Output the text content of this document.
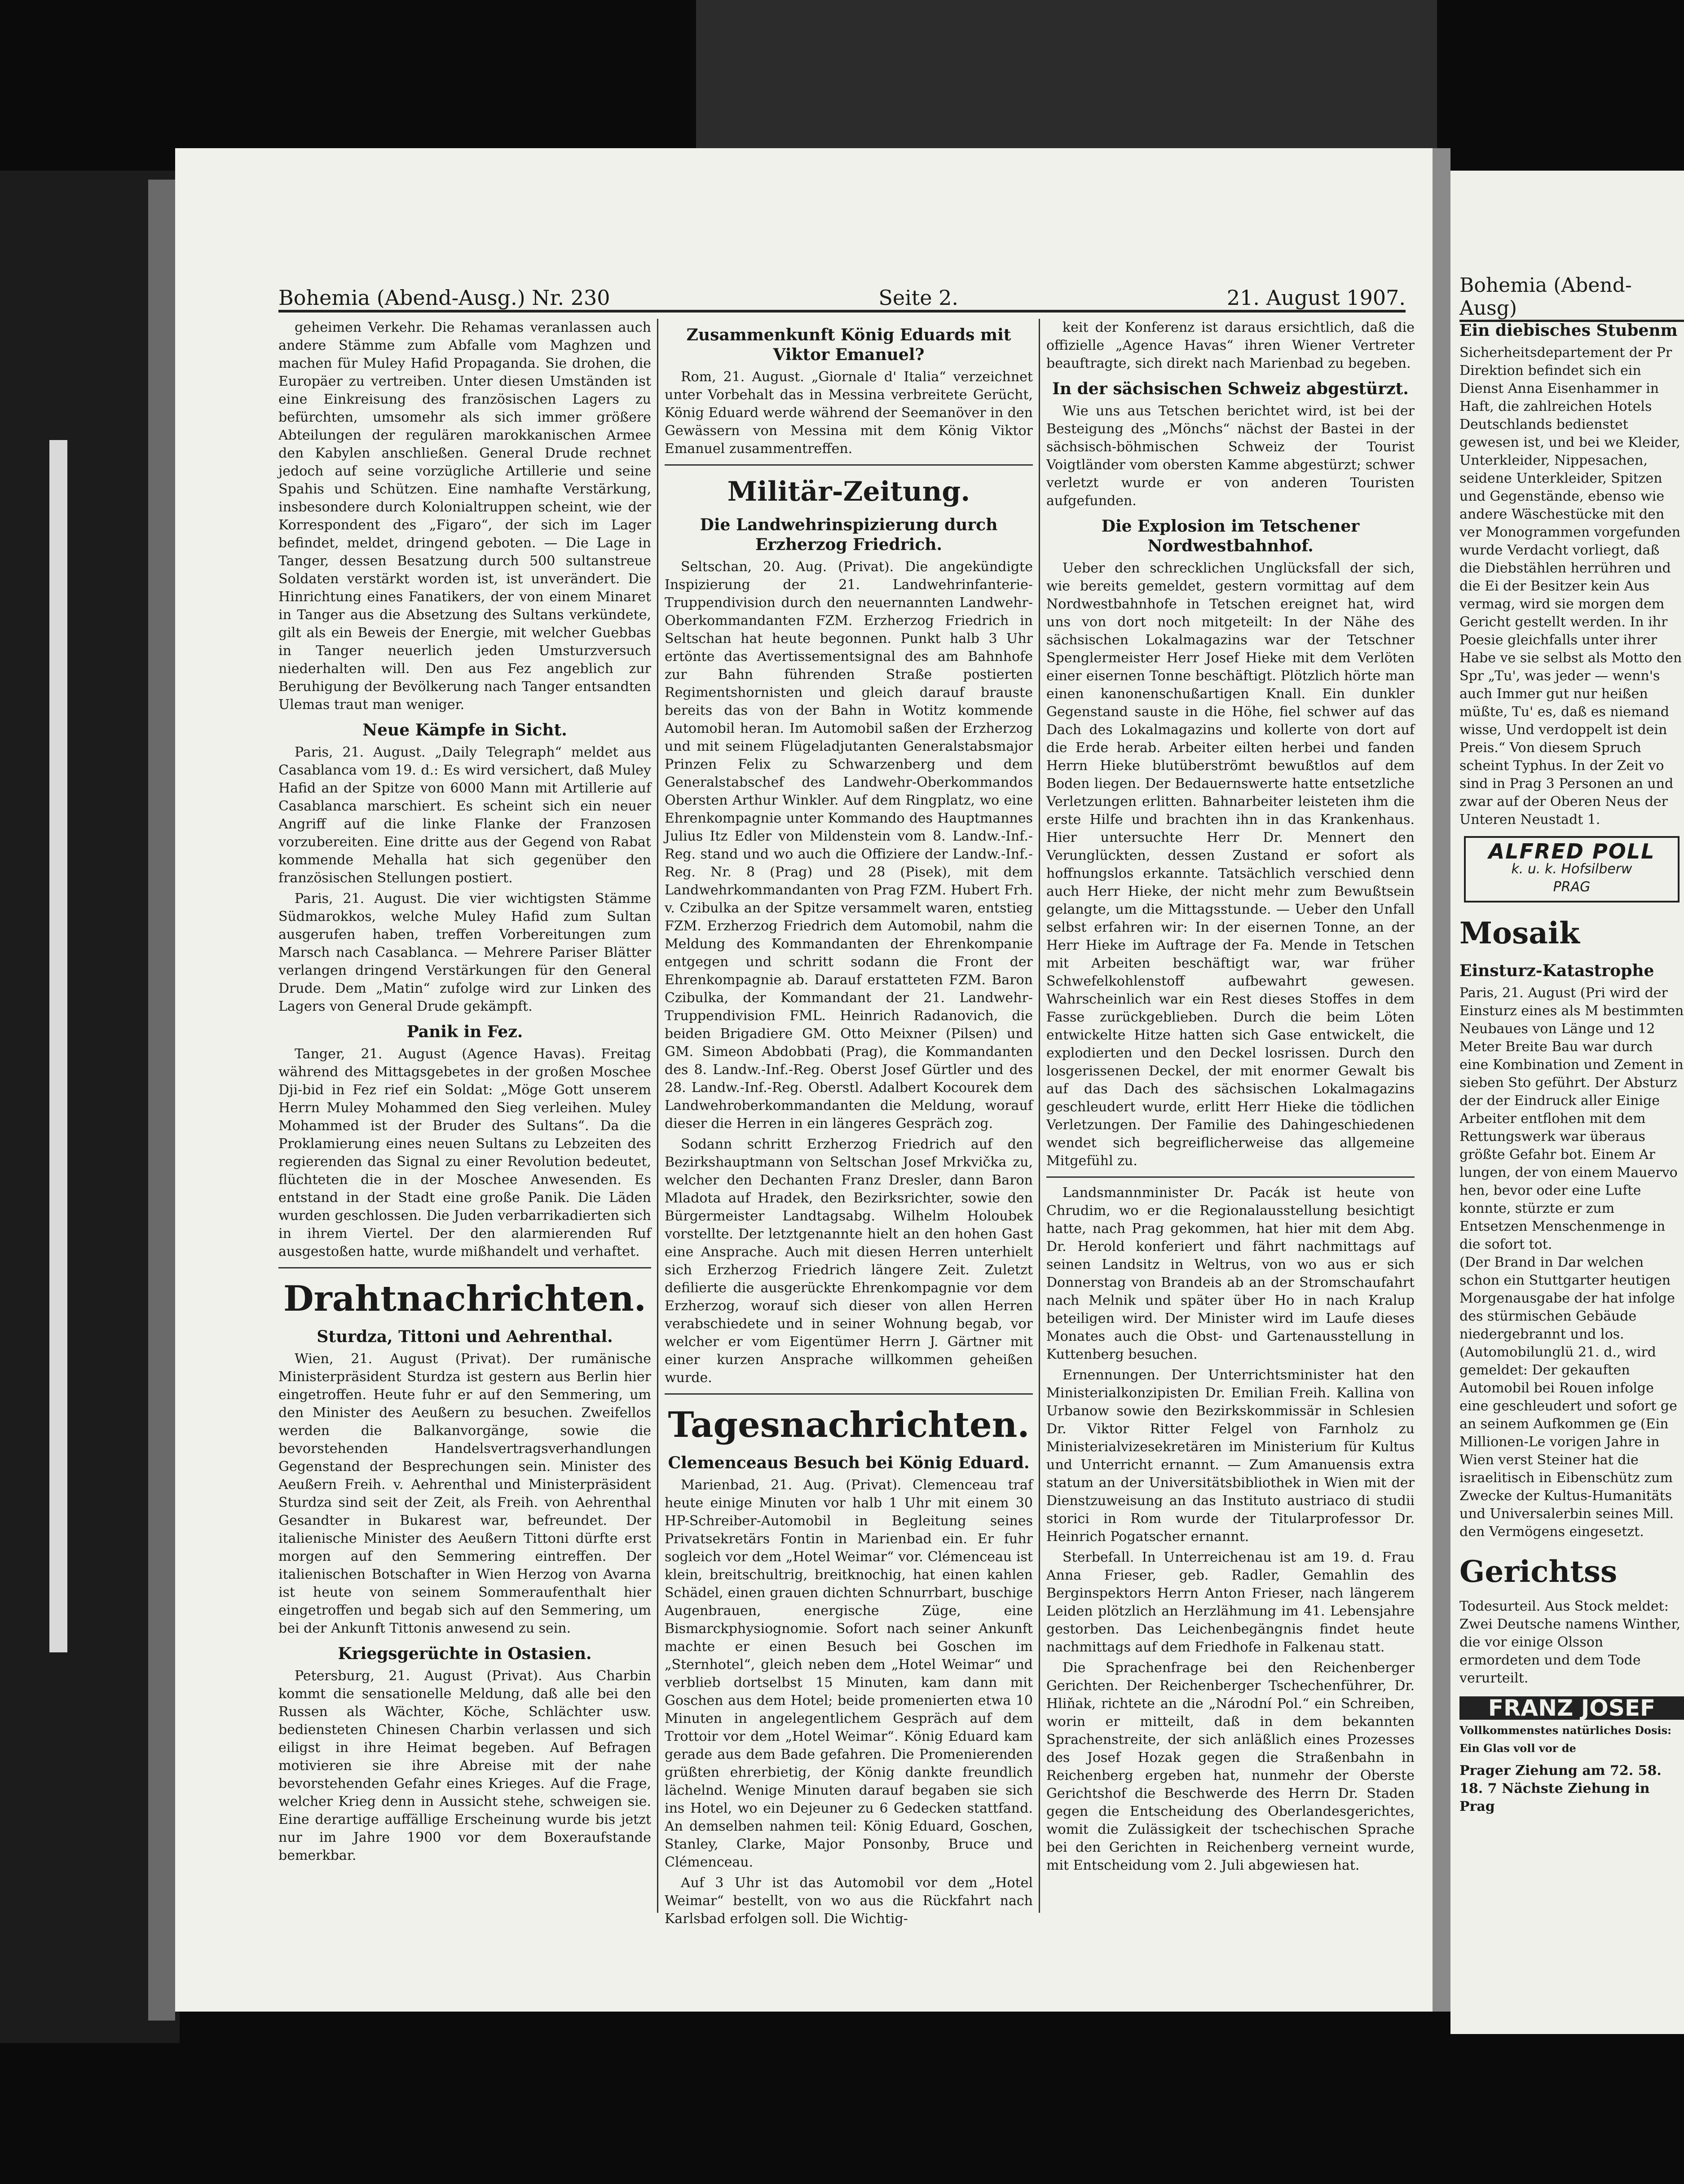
Bohemia (Abend-Ausg.) Nr. 230	Seite 2.	21. August 1907.

geheimen Verkehr. Die Rehamas veranlassen auch andere Stämme zum Abfalle vom Maghzen und machen für Muley Hafid Propaganda. Sie drohen, die Europäer zu vertreiben. Unter diesen Umständen ist eine Einkreisung des französischen Lagers zu befürchten, umsomehr als sich immer größere Abteilungen der regulären marokkanischen Armee den Kabylen anschließen. General Drude rechnet jedoch auf seine vorzügliche Artillerie und seine Spahis und Schützen. Eine namhafte Verstärkung, insbesondere durch Kolonialtruppen scheint, wie der Korrespondent des „Figaro“, der sich im Lager befindet, meldet, dringend geboten. — Die Lage in Tanger, dessen Besatzung durch 500 sultanstreue Soldaten verstärkt worden ist, ist unverändert. Die Hinrichtung eines Fanatikers, der von einem Minaret in Tanger aus die Absetzung des Sultans verkündete, gilt als ein Beweis der Energie, mit welcher Guebbas in Tanger neuerlich jeden Umsturzversuch niederhalten will. Den aus Fez angeblich zur Beruhigung der Bevölkerung nach Tanger entsandten Ulemas traut man weniger.

Neue Kämpfe in Sicht.

Paris, 21. August. „Daily Telegraph“ meldet aus Casablanca vom 19. d.: Es wird versichert, daß Muley Hafid an der Spitze von 6000 Mann mit Artillerie auf Casablanca marschiert. Es scheint sich ein neuer Angriff auf die linke Flanke der Franzosen vorzubereiten. Eine dritte aus der Gegend von Rabat kommende Mehalla hat sich gegenüber den französischen Stellungen postiert.

Paris, 21. August. Die vier wichtigsten Stämme Südmarokkos, welche Muley Hafid zum Sultan ausgerufen haben, treffen Vorbereitungen zum Marsch nach Casablanca. — Mehrere Pariser Blätter verlangen dringend Verstärkungen für den General Drude. Dem „Matin“ zufolge wird zur Linken des Lagers von General Drude gekämpft.

Panik in Fez.

Tanger, 21. August (Agence Havas). Freitag während des Mittagsgebetes in der großen Moschee Dji-bid in Fez rief ein Soldat: „Möge Gott unserem Herrn Muley Mohammed den Sieg verleihen. Muley Mohammed ist der Bruder des Sultans“. Da die Proklamierung eines neuen Sultans zu Lebzeiten des regierenden das Signal zu einer Revolution bedeutet, flüchteten die in der Moschee Anwesenden. Es entstand in der Stadt eine große Panik. Die Läden wurden geschlossen. Die Juden verbarrikadierten sich in ihrem Viertel. Der den alarmierenden Ruf ausgestoßen hatte, wurde mißhandelt und verhaftet.

Drahtnachrichten.
Sturdza, Tittoni und Aehrenthal.

Wien, 21. August (Privat). Der rumänische Ministerpräsident Sturdza ist gestern aus Berlin hier eingetroffen. Heute fuhr er auf den Semmering, um den Minister des Aeußern zu besuchen. Zweifellos werden die Balkanvorgänge, sowie die bevorstehenden Handelsvertragsverhandlungen Gegenstand der Besprechungen sein. Minister des Aeußern Freih. v. Aehrenthal und Ministerpräsident Sturdza sind seit der Zeit, als Freih. von Aehrenthal Gesandter in Bukarest war, befreundet. Der italienische Minister des Aeußern Tittoni dürfte erst morgen auf den Semmering eintreffen. Der italienischen Botschafter in Wien Herzog von Avarna ist heute von seinem Sommeraufenthalt hier eingetroffen und begab sich auf den Semmering, um bei der Ankunft Tittonis anwesend zu sein.

Kriegsgerüchte in Ostasien.

Petersburg, 21. August (Privat). Aus Charbin kommt die sensationelle Meldung, daß alle bei den Russen als Wächter, Köche, Schlächter usw. bediensteten Chinesen Charbin verlassen und sich eiligst in ihre Heimat begeben. Auf Befragen motivieren sie ihre Abreise mit der nahe bevorstehenden Gefahr eines Krieges. Auf die Frage, welcher Krieg denn in Aussicht stehe, schweigen sie. Eine derartige auffällige Erscheinung wurde bis jetzt nur im Jahre 1900 vor dem Boxeraufstande bemerkbar.

Zusammenkunft König Eduards mit Viktor Emanuel?

Rom, 21. August. „Giornale d' Italia“ verzeichnet unter Vorbehalt das in Messina verbreitete Gerücht, König Eduard werde während der Seemanöver in den Gewässern von Messina mit dem König Viktor Emanuel zusammentreffen.

Militär-Zeitung.
Die Landwehrinspizierung durch Erzherzog Friedrich.

Seltschan, 20. Aug. (Privat). Die angekündigte Inspizierung der 21. Landwehrinfanterie-Truppendivision durch den neuernannten Landwehr-Oberkommandanten FZM. Erzherzog Friedrich in Seltschan hat heute begonnen. Punkt halb 3 Uhr ertönte das Avertissementsignal des am Bahnhofe zur Bahn führenden Straße postierten Regimentshornisten und gleich darauf brauste bereits das von der Bahn in Wotitz kommende Automobil heran. Im Automobil saßen der Erzherzog und mit seinem Flügeladjutanten Generalstabsmajor Prinzen Felix zu Schwarzenberg und dem Generalstabschef des Landwehr-Oberkommandos Obersten Arthur Winkler. Auf dem Ringplatz, wo eine Ehrenkompagnie unter Kommando des Hauptmannes Julius Itz Edler von Mildenstein vom 8. Landw.-Inf.-Reg. stand und wo auch die Offiziere der Landw.-Inf.-Reg. Nr. 8 (Prag) und 28 (Pisek), mit dem Landwehrkommandanten von Prag FZM. Hubert Frh. v. Czibulka an der Spitze versammelt waren, entstieg FZM. Erzherzog Friedrich dem Automobil, nahm die Meldung des Kommandanten der Ehrenkompanie entgegen und schritt sodann die Front der Ehrenkompagnie ab. Darauf erstatteten FZM. Baron Czibulka, der Kommandant der 21. Landwehr-Truppendivision FML. Heinrich Radanovich, die beiden Brigadiere GM. Otto Meixner (Pilsen) und GM. Simeon Abdobbati (Prag), die Kommandanten des 8. Landw.-Inf.-Reg. Oberst Josef Gürtler und des 28. Landw.-Inf.-Reg. Oberstl. Adalbert Kocourek dem Landwehroberkommandanten die Meldung, worauf dieser die Herren in ein längeres Gespräch zog.

Sodann schritt Erzherzog Friedrich auf den Bezirkshauptmann von Seltschan Josef Mrkvička zu, welcher den Dechanten Franz Dresler, dann Baron Mladota auf Hradek, den Bezirksrichter, sowie den Bürgermeister Landtagsabg. Wilhelm Holoubek vorstellte. Der letztgenannte hielt an den hohen Gast eine Ansprache. Auch mit diesen Herren unterhielt sich Erzherzog Friedrich längere Zeit. Zuletzt defilierte die ausgerückte Ehrenkompagnie vor dem Erzherzog, worauf sich dieser von allen Herren verabschiedete und in seiner Wohnung begab, vor welcher er vom Eigentümer Herrn J. Gärtner mit einer kurzen Ansprache willkommen geheißen wurde.

Tagesnachrichten.
Clemenceaus Besuch bei König Eduard.

Marienbad, 21. Aug. (Privat). Clemenceau traf heute einige Minuten vor halb 1 Uhr mit einem 30 HP-Schreiber-Automobil in Begleitung seines Privatsekretärs Fontin in Marienbad ein. Er fuhr sogleich vor dem „Hotel Weimar“ vor. Clémenceau ist klein, breitschultrig, breitknochig, hat einen kahlen Schädel, einen grauen dichten Schnurrbart, buschige Augenbrauen, energische Züge, eine Bismarckphysiognomie. Sofort nach seiner Ankunft machte er einen Besuch bei Goschen im „Sternhotel“, gleich neben dem „Hotel Weimar“ und verblieb dortselbst 15 Minuten, kam dann mit Goschen aus dem Hotel; beide promenierten etwa 10 Minuten in angelegentlichem Gespräch auf dem Trottoir vor dem „Hotel Weimar“. König Eduard kam gerade aus dem Bade gefahren. Die Promenierenden grüßten ehrerbietig, der König dankte freundlich lächelnd. Wenige Minuten darauf begaben sie sich ins Hotel, wo ein Dejeuner zu 6 Gedecken stattfand. An demselben nahmen teil: König Eduard, Goschen, Stanley, Clarke, Major Ponsonby, Bruce und Clémenceau.

Auf 3 Uhr ist das Automobil vor dem „Hotel Weimar“ bestellt, von wo aus die Rückfahrt nach Karlsbad erfolgen soll. Die Wichtig-

keit der Konferenz ist daraus ersichtlich, daß die offizielle „Agence Havas“ ihren Wiener Vertreter beauftragte, sich direkt nach Marienbad zu begeben.

In der sächsischen Schweiz abgestürzt.

Wie uns aus Tetschen berichtet wird, ist bei der Besteigung des „Mönchs“ nächst der Bastei in der sächsisch-böhmischen Schweiz der Tourist Voigtländer vom obersten Kamme abgestürzt; schwer verletzt wurde er von anderen Touristen aufgefunden.

Die Explosion im Tetschener Nordwestbahnhof.

Ueber den schrecklichen Unglücksfall der sich, wie bereits gemeldet, gestern vormittag auf dem Nordwestbahnhofe in Tetschen ereignet hat, wird uns von dort noch mitgeteilt: In der Nähe des sächsischen Lokalmagazins war der Tetschner Spenglermeister Herr Josef Hieke mit dem Verlöten einer eisernen Tonne beschäftigt. Plötzlich hörte man einen kanonenschußartigen Knall. Ein dunkler Gegenstand sauste in die Höhe, fiel schwer auf das Dach des Lokalmagazins und kollerte von dort auf die Erde herab. Arbeiter eilten herbei und fanden Herrn Hieke blutüberströmt bewußtlos auf dem Boden liegen. Der Bedauernswerte hatte entsetzliche Verletzungen erlitten. Bahnarbeiter leisteten ihm die erste Hilfe und brachten ihn in das Krankenhaus. Hier untersuchte Herr Dr. Mennert den Verunglückten, dessen Zustand er sofort als hoffnungslos erkannte. Tatsächlich verschied denn auch Herr Hieke, der nicht mehr zum Bewußtsein gelangte, um die Mittagsstunde. — Ueber den Unfall selbst erfahren wir: In der eisernen Tonne, an der Herr Hieke im Auftrage der Fa. Mende in Tetschen mit Arbeiten beschäftigt war, war früher Schwefelkohlenstoff aufbewahrt gewesen. Wahrscheinlich war ein Rest dieses Stoffes in dem Fasse zurückgeblieben. Durch die beim Löten entwickelte Hitze hatten sich Gase entwickelt, die explodierten und den Deckel losrissen. Durch den losgerissenen Deckel, der mit enormer Gewalt bis auf das Dach des sächsischen Lokalmagazins geschleudert wurde, erlitt Herr Hieke die tödlichen Verletzungen. Der Familie des Dahingeschiedenen wendet sich begreiflicherweise das allgemeine Mitgefühl zu.

Landsmannminister Dr. Pacák ist heute von Chrudim, wo er die Regionalausstellung besichtigt hatte, nach Prag gekommen, hat hier mit dem Abg. Dr. Herold konferiert und fährt nachmittags auf seinen Landsitz in Weltrus, von wo aus er sich Donnerstag von Brandeis ab an der Stromschaufahrt nach Melnik und später über Ho in nach Kralup beteiligen wird. Der Minister wird im Laufe dieses Monates auch die Obst- und Gartenausstellung in Kuttenberg besuchen.

Ernennungen. Der Unterrichtsminister hat den Ministerialkonzipisten Dr. Emilian Freih. Kallina von Urbanow sowie den Bezirkskommissär in Schlesien Dr. Viktor Ritter Felgel von Farnholz zu Ministerialvizesekretären im Ministerium für Kultus und Unterricht ernannt. — Zum Amanuensis extra statum an der Universitätsbibliothek in Wien mit der Dienstzuweisung an das Instituto austriaco di studii storici in Rom wurde der Titularprofessor Dr. Heinrich Pogatscher ernannt.

Sterbefall. In Unterreichenau ist am 19. d. Frau Anna Frieser, geb. Radler, Gemahlin des Berginspektors Herrn Anton Frieser, nach längerem Leiden plötzlich an Herzlähmung im 41. Lebensjahre gestorben. Das Leichenbegängnis findet heute nachmittags auf dem Friedhofe in Falkenau statt.

Die Sprachenfrage bei den Reichenberger Gerichten. Der Reichenberger Tschechenführer, Dr. Hliňak, richtete an die „Národní Pol.“ ein Schreiben, worin er mitteilt, daß in dem bekannten Sprachenstreite, der sich anläßlich eines Prozesses des Josef Hozak gegen die Straßenbahn in Reichenberg ergeben hat, nunmehr der Oberste Gerichtshof die Beschwerde des Herrn Dr. Staden gegen die Entscheidung des Oberlandesgerichtes, womit die Zulässigkeit der tschechischen Sprache bei den Gerichten in Reichenberg verneint wurde, mit Entscheidung vom 2. Juli abgewiesen hat.

Bohemia (Abend-Ausg)
Ein diebisches Stubenm

Sicherheitsdepartement der Pr Direktion befindet sich ein Dienst Anna Eisenhammer in Haft, die zahlreichen Hotels Deutschlands bedienstet gewesen ist, und bei we Kleider, Unterkleider, Nippesachen, seidene Unterkleider, Spitzen und Gegenstände, ebenso wie andere Wäschestücke mit den ver Monogrammen vorgefunden wurde Verdacht vorliegt, daß die Diebstählen herrühren und die Ei der Besitzer kein Aus vermag, wird sie morgen dem Gericht gestellt werden. In ihr Poesie gleichfalls unter ihrer Habe ve sie selbst als Motto den Spr „Tu', was jeder — wenn's auch Immer gut nur heißen müßte, Tu' es, daß es niemand wisse, Und verdoppelt ist dein Preis.“ Von diesem Spruch scheint Typhus. In der Zeit vo sind in Prag 3 Personen an und zwar auf der Oberen Neus der Unteren Neustadt 1.

ALFRED POLL
k. u. k. Hofsilberw
PRAG
Mosaik
Einsturz-Katastrophe

Paris, 21. August (Pri wird der Einsturz eines als M bestimmten Neubaues von Länge und 12 Meter Breite Bau war durch eine Kombination und Zement in sieben Sto geführt. Der Absturz der der Eindruck aller Einige Arbeiter entflohen mit dem Rettungswerk war überaus größte Gefahr bot. Einem Ar lungen, der von einem Mauervo hen, bevor oder eine Lufte konnte, stürzte er zum Entsetzen Menschenmenge in die sofort tot.

(Der Brand in Dar welchen schon ein Stuttgarter heutigen Morgenausgabe der hat infolge des stürmischen Gebäude niedergebrannt und los.

(Automobilunglü 21. d., wird gemeldet: Der gekauften Automobil bei Rouen infolge eine geschleudert und sofort ge an seinem Aufkommen ge (Ein Millionen-Le vorigen Jahre in Wien verst Steiner hat die israelitisch in Eibenschütz zum Zwecke der Kultus-Humanitäts und Universalerbin seines Mill. den Vermögens eingesetzt.

Gerichtss

Todesurteil. Aus Stock meldet: Zwei Deutsche namens Winther, die vor einige Olsson ermordeten und dem Tode verurteilt.

FRANZ JOSEF
Vollkommenstes natürliches Dosis: Ein Glas voll vor de

Prager Ziehung am 72. 58. 18. 7 Nächste Ziehung in Prag
